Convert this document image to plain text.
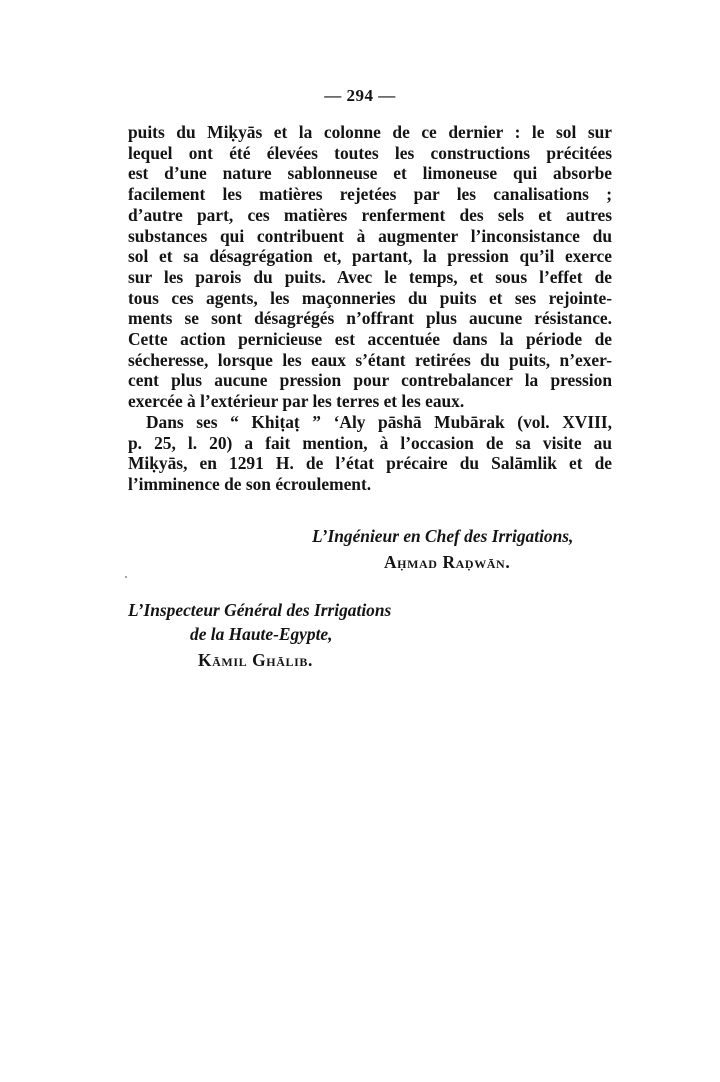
— 294 —
puits du Miḳyās et la colonne de ce dernier : le sol sur
lequel ont été élevées toutes les constructions précitées
est d’une nature sablonneuse et limoneuse qui absorbe
facilement les matières rejetées par les canalisations ;
d’autre part, ces matières renferment des sels et autres
substances qui contribuent à augmenter l’inconsistance du
sol et sa désagrégation et, partant, la pression qu’il exerce
sur les parois du puits. Avec le temps, et sous l’effet de
tous ces agents, les maçonneries du puits et ses rejointe-
ments se sont désagrégés n’offrant plus aucune résistance.
Cette action pernicieuse est accentuée dans la période de
sécheresse, lorsque les eaux s’étant retirées du puits, n’exer-
cent plus aucune pression pour contrebalancer la pression
exercée à l’extérieur par les terres et les eaux.
Dans ses “ Khiṭaṭ ” ‘Aly pāshā Mubārak (vol. XVIII,
p. 25, l. 20) a fait mention, à l’occasion de sa visite au
Miḳyās, en 1291 H. de l’état précaire du Salāmlik et de
l’imminence de son écroulement.
L’Ingénieur en Chef des Irrigations,
Aḥmad Raḍwān.
L’Inspecteur Général des Irrigations
de la Haute-Egypte,
Kāmil Ghālib.
